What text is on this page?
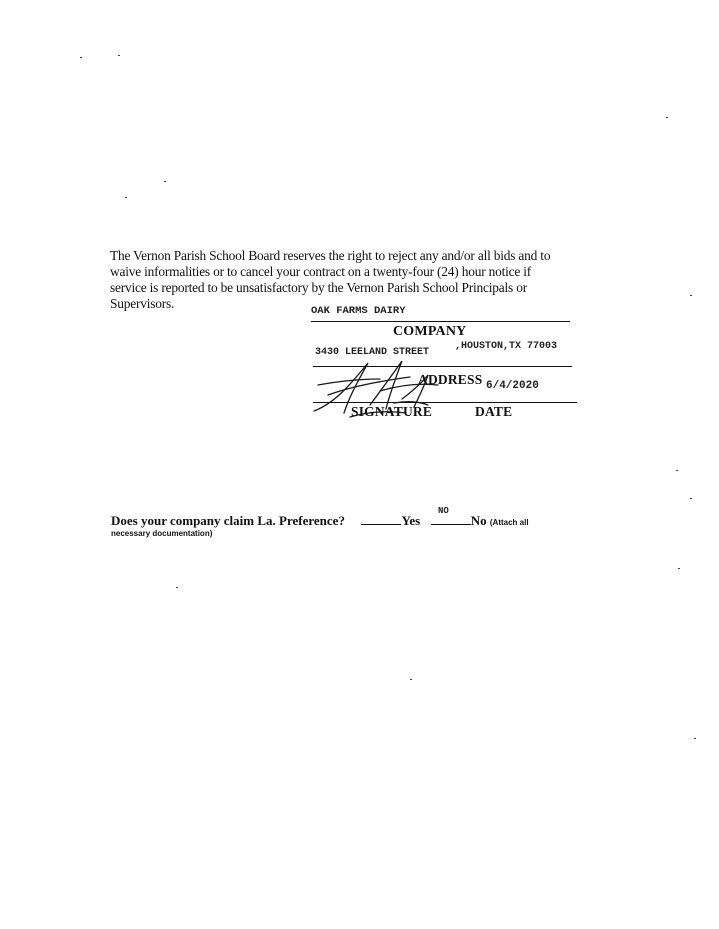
The Vernon Parish School Board reserves the right to reject any and/or all bids and to
waive informalities or to cancel your contract on a twenty-four (24) hour notice if
service is reported to be unsatisfactory by the Vernon Parish School Principals or
Supervisors.	OAK FARMS DAIRY
COMPANY
3430 LEELAND STREET
,HOUSTON,TX 77003
ADDRESS 6/4/2020
SIGNATURE	DATE
NO
Does your company claim La. Preference?	Yes	No (Attach all
necessary documentation)
